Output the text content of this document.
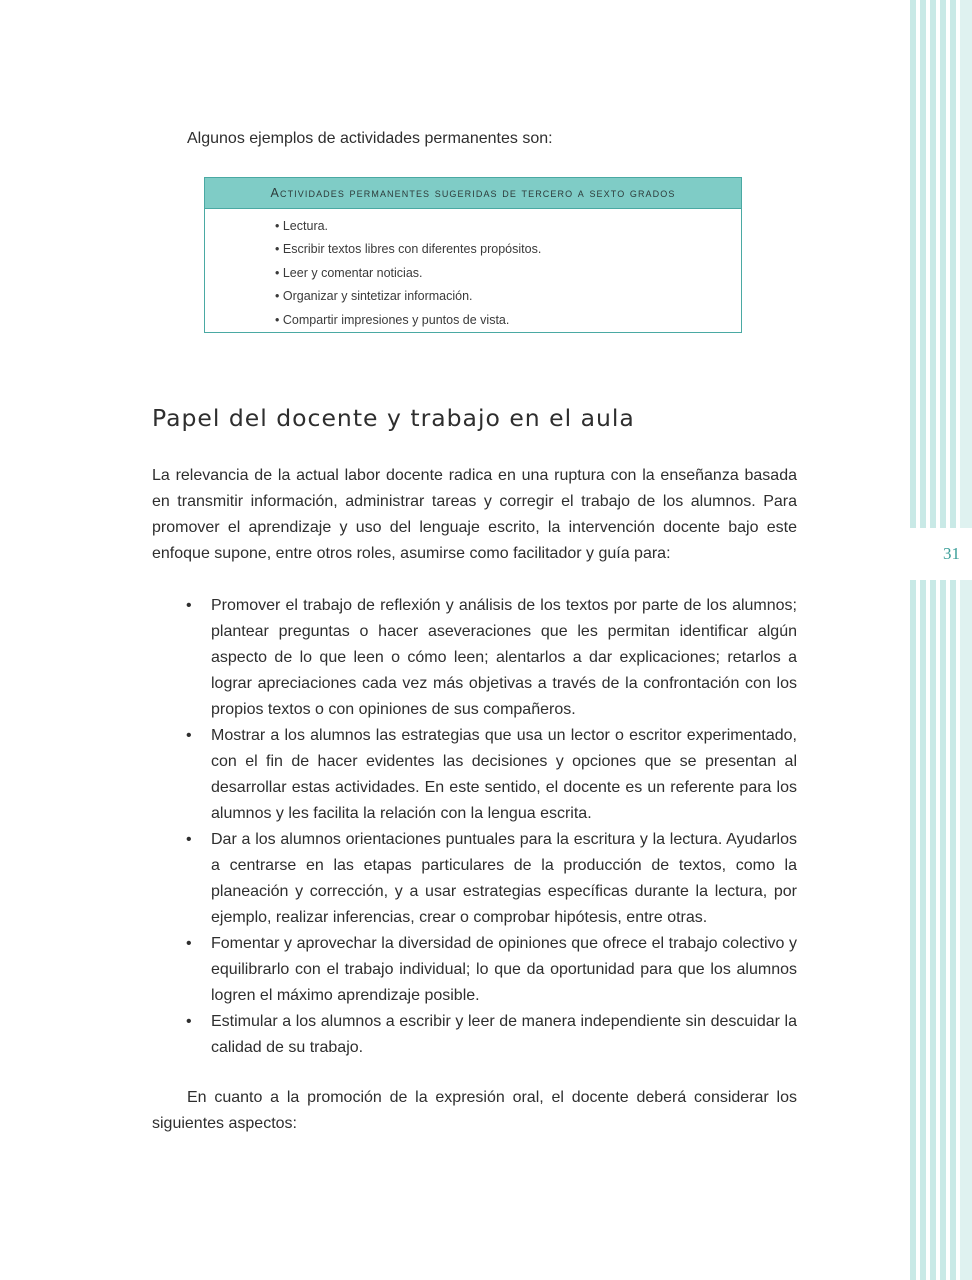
31
Algunos ejemplos de actividades permanentes son:
Actividades permanentes sugeridas de tercero a sexto grados
• Lectura.
• Escribir textos libres con diferentes propósitos.
• Leer y comentar noticias.
• Organizar y sintetizar información.
• Compartir impresiones y puntos de vista.
Papel del docente y trabajo en el aula

La relevancia de la actual labor docente radica en una ruptura con la enseñanza basada en transmitir información, administrar tareas y corregir el trabajo de los alumnos. Para promover el aprendizaje y uso del lenguaje escrito, la intervención docente bajo este enfoque supone, entre otros roles, asumirse como facilitador y guía para:

• Promover el trabajo de reflexión y análisis de los textos por parte de los alumnos; plantear preguntas o hacer aseveraciones que les permitan identificar algún aspecto de lo que leen o cómo leen; alentarlos a dar explicaciones; retarlos a lograr apreciaciones cada vez más objetivas a través de la confrontación con los propios textos o con opiniones de sus compañeros.
• Mostrar a los alumnos las estrategias que usa un lector o escritor experimentado, con el fin de hacer evidentes las decisiones y opciones que se presentan al desarrollar estas actividades. En este sentido, el docente es un referente para los alumnos y les facilita la relación con la lengua escrita.
• Dar a los alumnos orientaciones puntuales para la escritura y la lectura. Ayudarlos a centrarse en las etapas particulares de la producción de textos, como la planeación y corrección, y a usar estrategias específicas durante la lectura, por ejemplo, realizar inferencias, crear o comprobar hipótesis, entre otras.
• Fomentar y aprovechar la diversidad de opiniones que ofrece el trabajo colectivo y equilibrarlo con el trabajo individual; lo que da oportunidad para que los alumnos logren el máximo aprendizaje posible.
• Estimular a los alumnos a escribir y leer de manera independiente sin descuidar la calidad de su trabajo.

En cuanto a la promoción de la expresión oral, el docente deberá considerar los siguientes aspectos:
